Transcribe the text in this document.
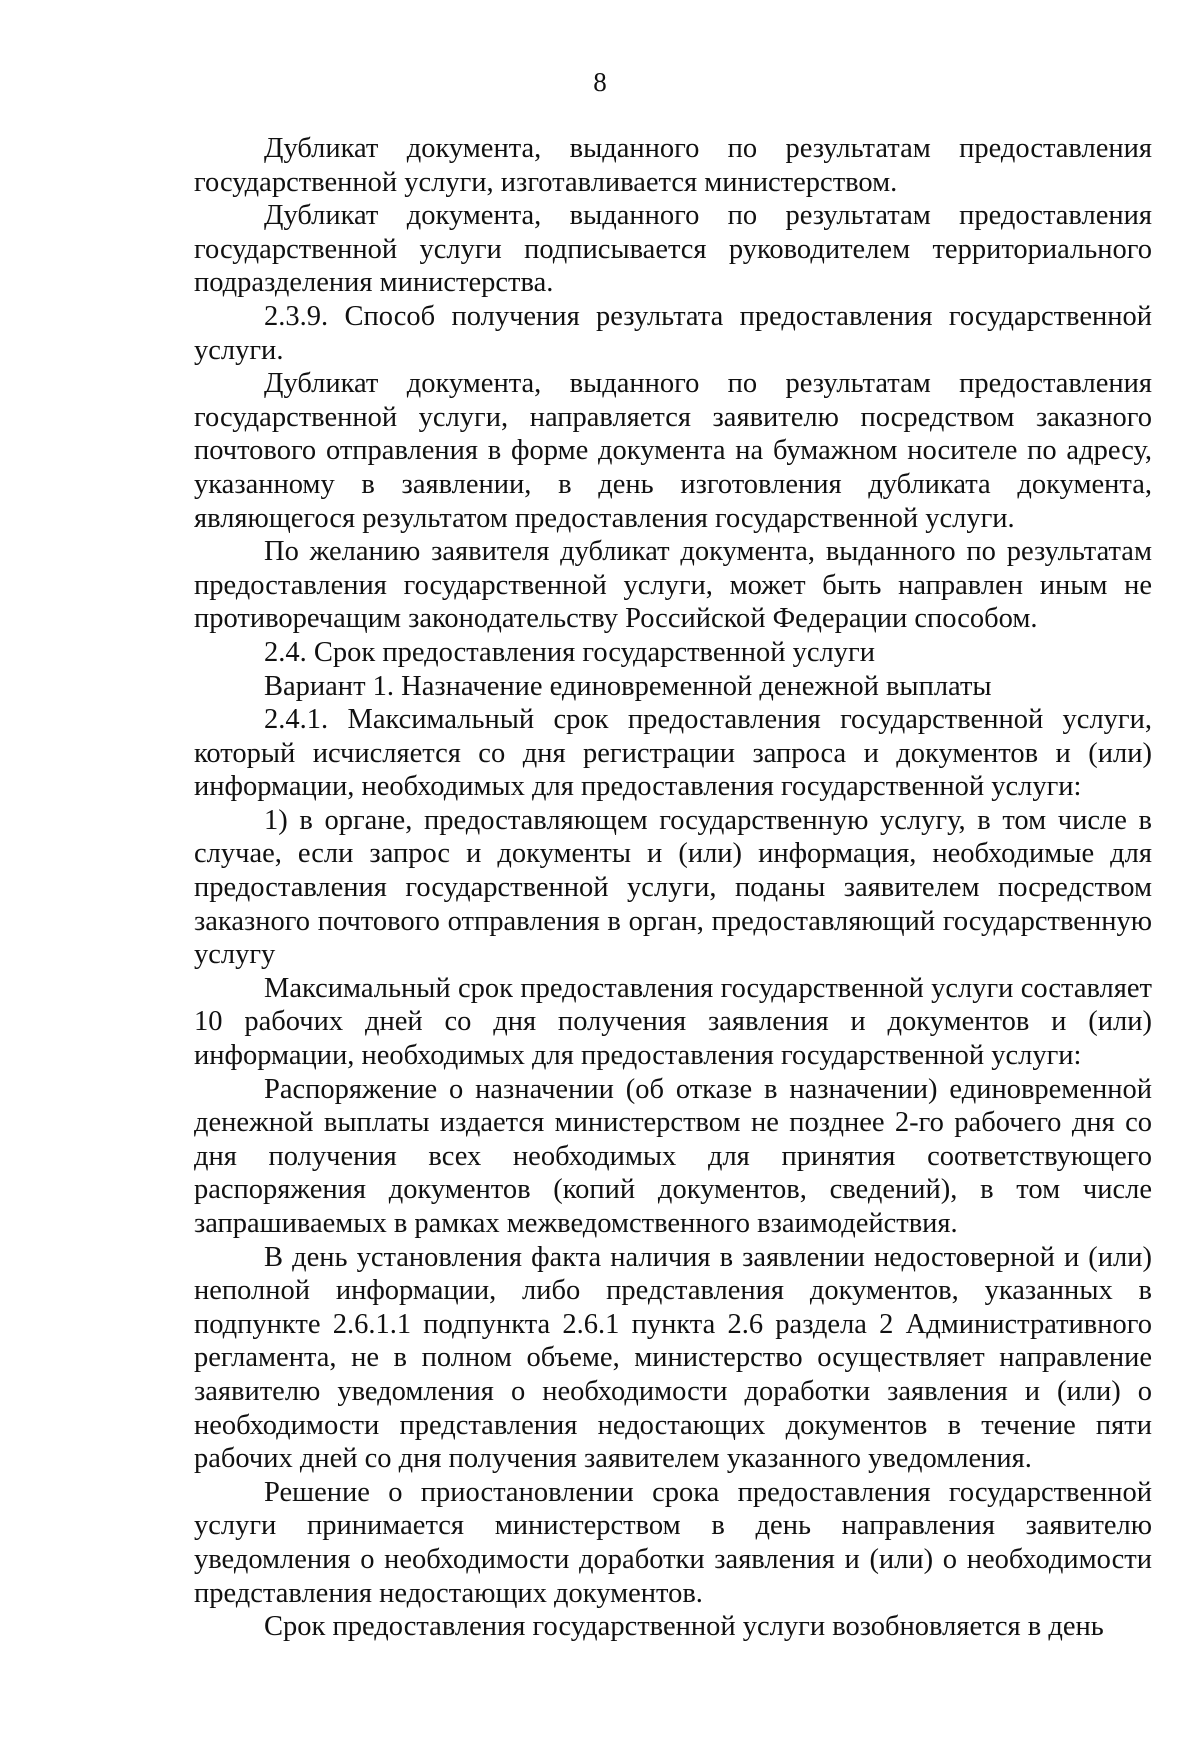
8

Дубликат документа, выданного по результатам предоставления государственной услуги, изготавливается министерством.

Дубликат документа, выданного по результатам предоставления государственной услуги подписывается руководителем территориального подразделения министерства.

2.3.9. Способ получения результата предоставления государственной услуги.

Дубликат документа, выданного по результатам предоставления государственной услуги, направляется заявителю посредством заказного почтового отправления в форме документа на бумажном носителе по адресу, указанному в заявлении, в день изготовления дубликата документа, являющегося результатом предоставления государственной услуги.

По желанию заявителя дубликат документа, выданного по результатам предоставления государственной услуги, может быть направлен иным не противоречащим законодательству Российской Федерации способом.

2.4. Срок предоставления государственной услуги

Вариант 1. Назначение единовременной денежной выплаты

2.4.1. Максимальный срок предоставления государственной услуги, который исчисляется со дня регистрации запроса и документов и (или) информации, необходимых для предоставления государственной услуги:

1) в органе, предоставляющем государственную услугу, в том числе в случае, если запрос и документы и (или) информация, необходимые для предоставления государственной услуги, поданы заявителем посредством заказного почтового отправления в орган, предоставляющий государственную услугу

Максимальный срок предоставления государственной услуги составляет 10 рабочих дней со дня получения заявления и документов и (или) информации, необходимых для предоставления государственной услуги:

Распоряжение о назначении (об отказе в назначении) единовременной денежной выплаты издается министерством не позднее 2-го рабочего дня со дня получения всех необходимых для принятия соответствующего распоряжения документов (копий документов, сведений), в том числе запрашиваемых в рамках межведомственного взаимодействия.

В день установления факта наличия в заявлении недостоверной и (или) неполной информации, либо представления документов, указанных в подпункте 2.6.1.1 подпункта 2.6.1 пункта 2.6 раздела 2 Административного регламента, не в полном объеме, министерство осуществляет направление заявителю уведомления о необходимости доработки заявления и (или) о необходимости представления недостающих документов в течение пяти рабочих дней со дня получения заявителем указанного уведомления.

Решение о приостановлении срока предоставления государственной услуги принимается министерством в день направления заявителю уведомления о необходимости доработки заявления и (или) о необходимости представления недостающих документов.

Срок предоставления государственной услуги возобновляется в день
